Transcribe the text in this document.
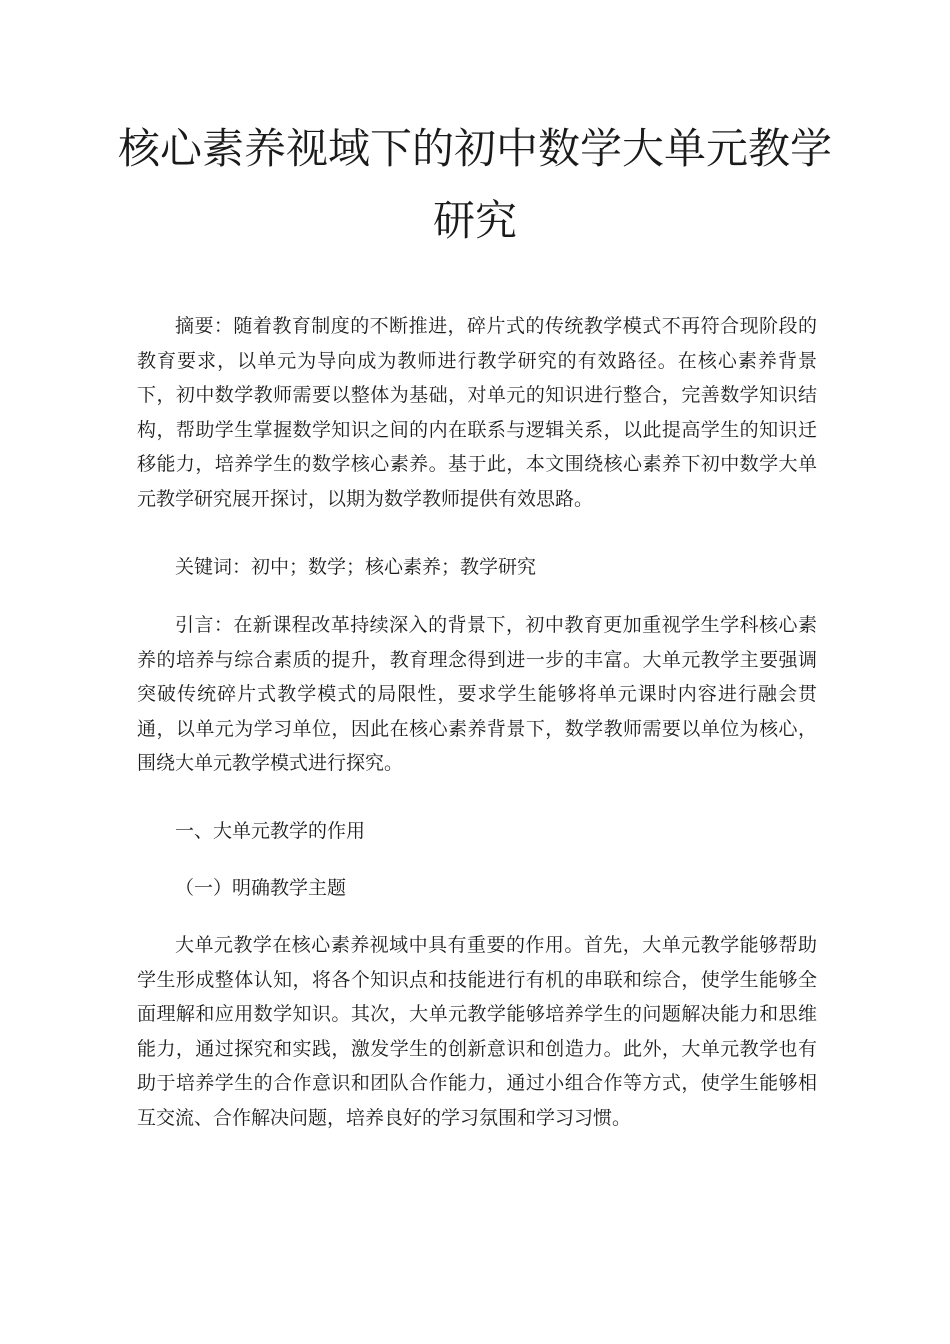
核心素养视域下的初中数学大单元教学
研究

摘要：随着教育制度的不断推进，碎片式的传统教学模式不再符合现阶段的教育要求，以单元为导向成为教师进行教学研究的有效路径。在核心素养背景下，初中数学教师需要以整体为基础，对单元的知识进行整合，完善数学知识结构，帮助学生掌握数学知识之间的内在联系与逻辑关系，以此提高学生的知识迁移能力，培养学生的数学核心素养。基于此，本文围绕核心素养下初中数学大单元教学研究展开探讨，以期为数学教师提供有效思路。

关键词：初中；数学；核心素养；教学研究

引言：在新课程改革持续深入的背景下，初中教育更加重视学生学科核心素养的培养与综合素质的提升，教育理念得到进一步的丰富。大单元教学主要强调突破传统碎片式教学模式的局限性，要求学生能够将单元课时内容进行融会贯通，以单元为学习单位，因此在核心素养背景下，数学教师需要以单位为核心，围绕大单元教学模式进行探究。

一、大单元教学的作用

（一）明确教学主题

大单元教学在核心素养视域中具有重要的作用。首先，大单元教学能够帮助学生形成整体认知，将各个知识点和技能进行有机的串联和综合，使学生能够全面理解和应用数学知识。其次，大单元教学能够培养学生的问题解决能力和思维能力，通过探究和实践，激发学生的创新意识和创造力。此外，大单元教学也有助于培养学生的合作意识和团队合作能力，通过小组合作等方式，使学生能够相互交流、合作解决问题，培养良好的学习氛围和学习习惯。
